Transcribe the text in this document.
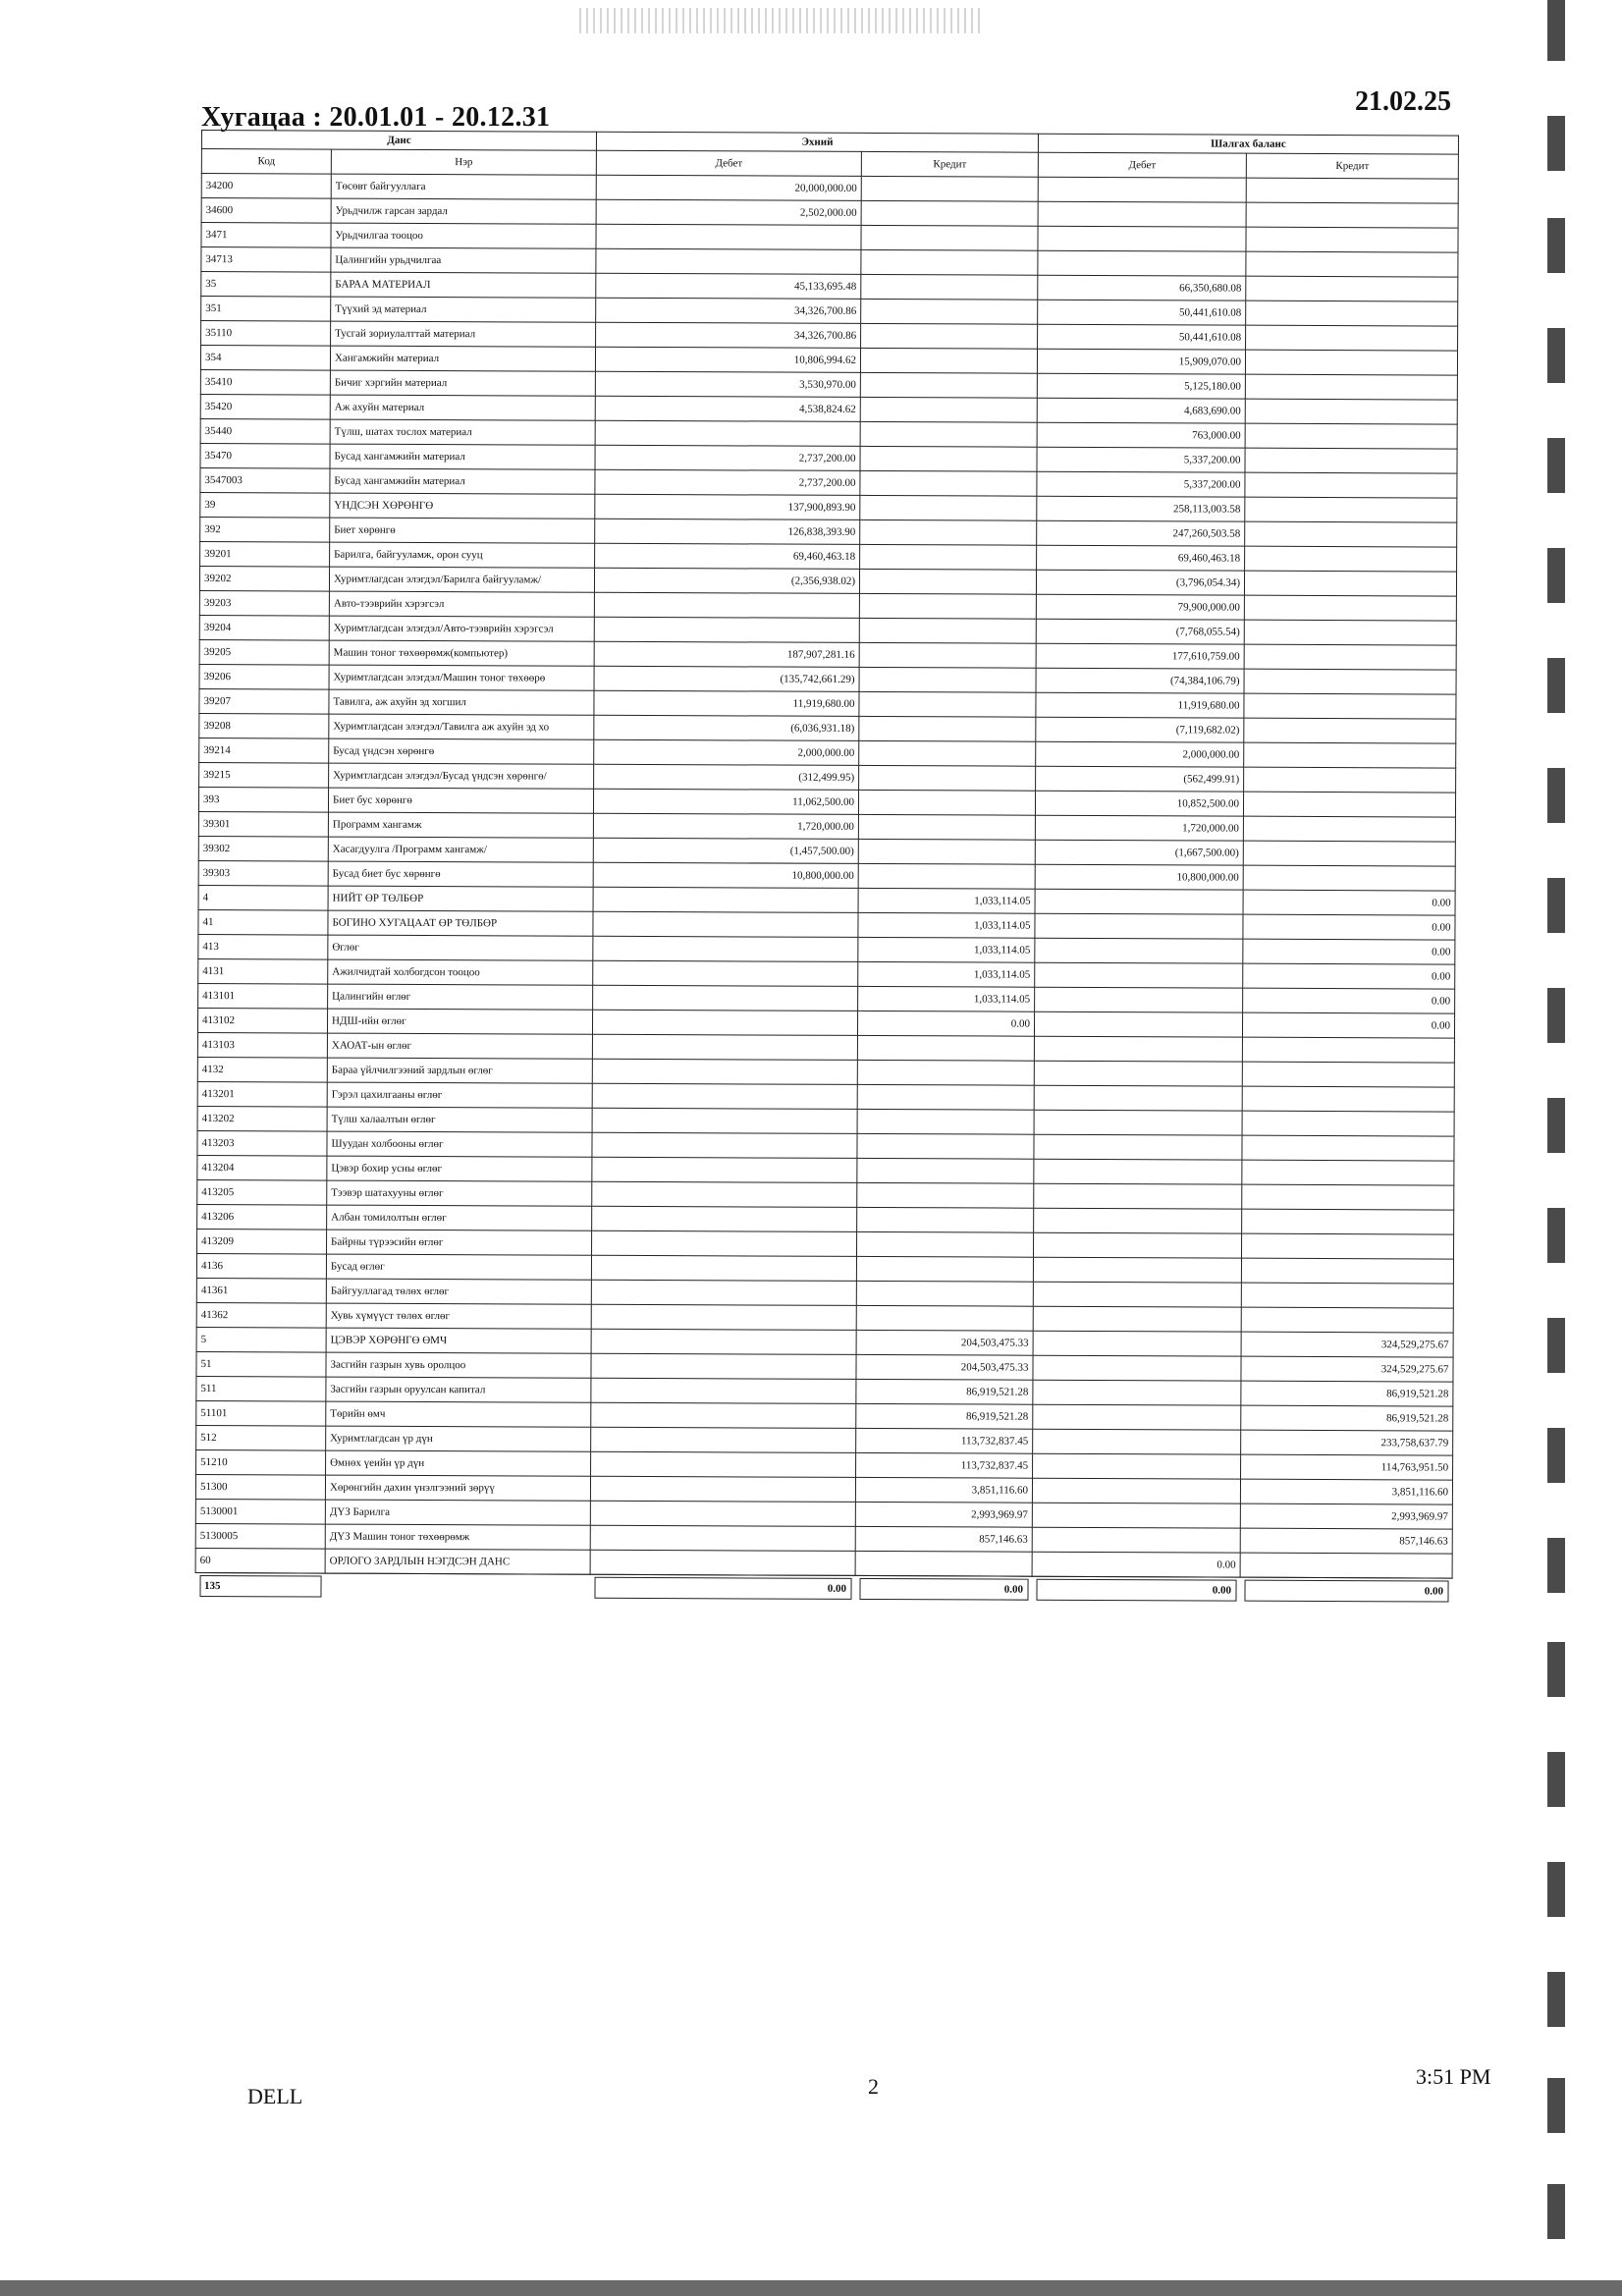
Хугацаа : 20.01.01 - 20.12.31
21.02.25
Данс		Эхний		Шалгах баланс	
Код	Нэр	Дебет	Кредит	Дебет	Кредит
34200	Төсөвт байгууллага	20,000,000.00			
34600	Урьдчилж гарсан зардал	2,502,000.00			
3471	Урьдчилгаа тооцоо				
34713	Цалингийн урьдчилгаа				
35	БАРАА МАТЕРИАЛ	45,133,695.48		66,350,680.08	
351	Түүхий эд материал	34,326,700.86		50,441,610.08	
35110	Тусгай зориулалттай материал	34,326,700.86		50,441,610.08	
354	Хангамжийн материал	10,806,994.62		15,909,070.00	
35410	Бичиг хэргийн материал	3,530,970.00		5,125,180.00	
35420	Аж ахуйн материал	4,538,824.62		4,683,690.00	
35440	Түлш, шатах тослох материал			763,000.00	
35470	Бусад хангамжийн материал	2,737,200.00		5,337,200.00	
3547003	Бусад хангамжийн материал	2,737,200.00		5,337,200.00	
39	ҮНДСЭН ХӨРӨНГӨ	137,900,893.90		258,113,003.58	
392	Биет хөрөнгө	126,838,393.90		247,260,503.58	
39201	Барилга, байгууламж, орон сууц	69,460,463.18		69,460,463.18	
39202	Хуримтлагдсан элэгдэл/Барилга байгууламж/	(2,356,938.02)		(3,796,054.34)	
39203	Авто-тээврийн хэрэгсэл			79,900,000.00	
39204	Хуримтлагдсан элэгдэл/Авто-тээврийн хэрэгсэл			(7,768,055.54)	
39205	Машин тоног төхөөрөмж(компьютер)	187,907,281.16		177,610,759.00	
39206	Хуримтлагдсан элэгдэл/Машин тоног төхөөрө	(135,742,661.29)		(74,384,106.79)	
39207	Тавилга, аж ахуйн эд хогшил	11,919,680.00		11,919,680.00	
39208	Хуримтлагдсан элэгдэл/Тавилга аж ахуйн эд хо	(6,036,931.18)		(7,119,682.02)	
39214	Бусад үндсэн хөрөнгө	2,000,000.00		2,000,000.00	
39215	Хуримтлагдсан элэгдэл/Бусад үндсэн хөрөнгө/	(312,499.95)		(562,499.91)	
393	Биет бус хөрөнгө	11,062,500.00		10,852,500.00	
39301	Программ хангамж	1,720,000.00		1,720,000.00	
39302	Хасагдуулга /Программ хангамж/	(1,457,500.00)		(1,667,500.00)	
39303	Бусад биет бус хөрөнгө	10,800,000.00		10,800,000.00	
4	НИЙТ ӨР ТӨЛБӨР		1,033,114.05		0.00
41	БОГИНО ХУГАЦААТ ӨР ТӨЛБӨР		1,033,114.05		0.00
413	Өглөг		1,033,114.05		0.00
4131	Ажилчидтай холбогдсон тооцоо		1,033,114.05		0.00
413101	Цалингийн өглөг		1,033,114.05		0.00
413102	НДШ-ийн өглөг		0.00		0.00
413103	ХАОАТ-ын өглөг				
4132	Бараа үйлчилгээний зардлын өглөг				
413201	Гэрэл цахилгааны өглөг				
413202	Түлш халаалтын өглөг				
413203	Шуудан холбооны өглөг				
413204	Цэвэр бохир усны өглөг				
413205	Тээвэр шатахууны өглөг				
413206	Албан томилолтын өглөг				
413209	Байрны түрээсийн өглөг				
4136	Бусад өглөг				
41361	Байгууллагад төлөх өглөг				
41362	Хувь хүмүүст төлөх өглөг				
5	ЦЭВЭР ХӨРӨНГӨ ӨМЧ		204,503,475.33		324,529,275.67
51	Засгийн газрын хувь оролцоо		204,503,475.33		324,529,275.67
511	Засгийн газрын оруулсан капитал		86,919,521.28		86,919,521.28
51101	Төрийн өмч		86,919,521.28		86,919,521.28
512	Хуримтлагдсан үр дүн		113,732,837.45		233,758,637.79
51210	Өмнөх үеийн үр дүн		113,732,837.45		114,763,951.50
51300	Хөрөнгийн дахин үнэлгээний зөрүү		3,851,116.60		3,851,116.60
5130001	ДҮЗ Барилга		2,993,969.97		2,993,969.97
5130005	ДҮЗ Машин тоног төхөөрөмж		857,146.63		857,146.63
60	ОРЛОГО ЗАРДЛЫН НЭГДСЭН ДАНС			0.00	

135		0.00	0.00	0.00	0.00
DELL	2	3:51 PM
